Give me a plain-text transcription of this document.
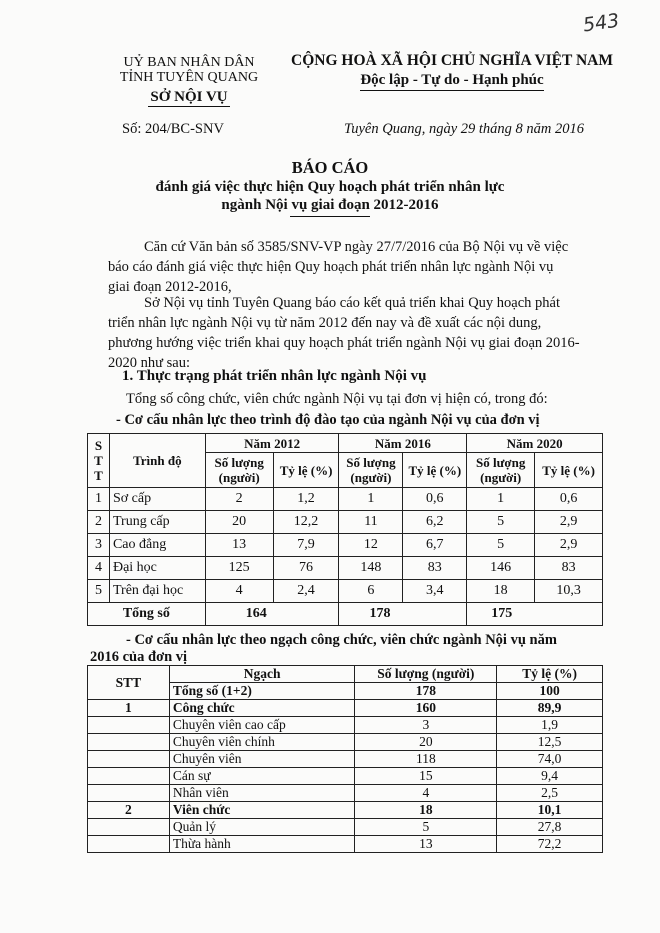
543
UỶ BAN NHÂN DÂN
TỈNH TUYÊN QUANG
SỞ NỘI VỤ
CỘNG HOÀ XÃ HỘI CHỦ NGHĨA VIỆT NAM
Độc lập - Tự do - Hạnh phúc
Số: 204/BC-SNV	Tuyên Quang, ngày 29 tháng 8 năm 2016
BÁO CÁO
đánh giá việc thực hiện Quy hoạch phát triển nhân lực
ngành Nội vụ giai đoạn 2012-2016
Căn cứ Văn bản số 3585/SNV-VP ngày 27/7/2016 của Bộ Nội vụ về việc
báo cáo đánh giá việc thực hiện Quy hoạch phát triển nhân lực ngành Nội vụ
giai đoạn 2012-2016,
Sở Nội vụ tỉnh Tuyên Quang báo cáo kết quả triển khai Quy hoạch phát
triển nhân lực ngành Nội vụ từ năm 2012 đến nay và đề xuất các nội dung,
phương hướng việc triển khai quy hoạch phát triển ngành Nội vụ giai đoạn 2016-
2020 như sau:
1. Thực trạng phát triển nhân lực ngành Nội vụ
Tổng số công chức, viên chức ngành Nội vụ tại đơn vị hiện có, trong đó:
- Cơ cấu nhân lực theo trình độ đào tạo của ngành Nội vụ của đơn vị
S T T	Trình độ	Năm 2012		Năm 2016		Năm 2020	
		Số lượng (người)	Tỷ lệ (%)	Số lượng (người)	Tỷ lệ (%)	Số lượng (người)	Tỷ lệ (%)
1	Sơ cấp	2	1,2	1	0,6	1	0,6
2	Trung cấp	20	12,2	11	6,2	5	2,9
3	Cao đẳng	13	7,9	12	6,7	5	2,9
4	Đại học	125	76	148	83	146	83
5	Trên đại học	4	2,4	6	3,4	18	10,3
Tổng số		164		178		175	
- Cơ cấu nhân lực theo ngạch công chức, viên chức ngành Nội vụ năm
2016 của đơn vị
STT	Ngạch	Số lượng (người)	Tỷ lệ (%)
	Tổng số (1+2)	178	100
1	Công chức	160	89,9
	Chuyên viên cao cấp	3	1,9
	Chuyên viên chính	20	12,5
	Chuyên viên	118	74,0
	Cán sự	15	9,4
	Nhân viên	4	2,5
2	Viên chức	18	10,1
	Quản lý	5	27,8
	Thừa hành	13	72,2
